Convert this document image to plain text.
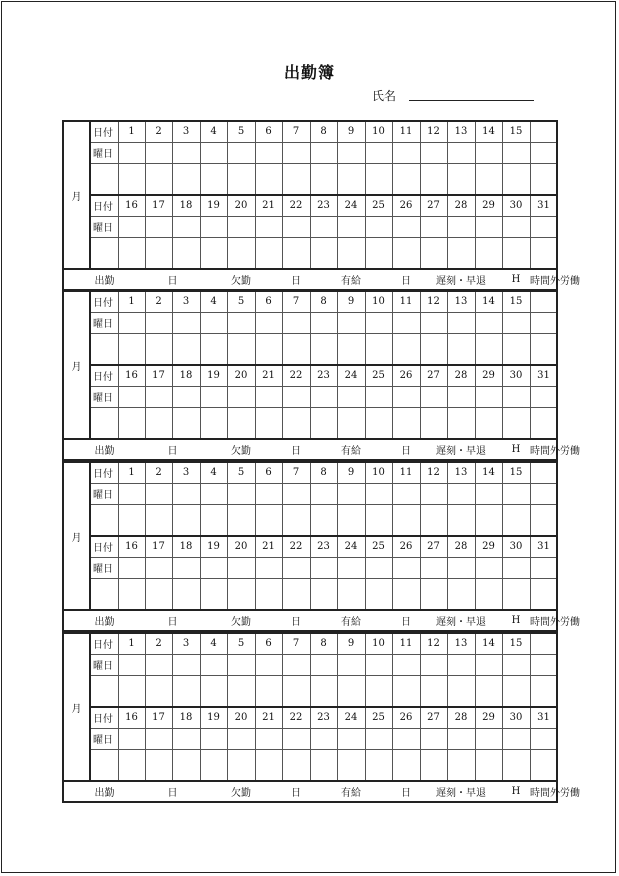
出勤簿
氏名
月	日付	1	2	3	4	5	6	7	8	9	10	11	12	13	14	15		
	曜日																	

	日付	16	17	18	19	20	21	22	23	24	25	26	27	28	29	30	31	
	曜日																	

出勤			日		欠勤			日	有給			日	遅刻・早退			H	時間外労働	
月	日付	1	2	3	4	5	6	7	8	9	10	11	12	13	14	15		
	曜日																	

	日付	16	17	18	19	20	21	22	23	24	25	26	27	28	29	30	31	
	曜日																	

出勤			日		欠勤			日	有給			日	遅刻・早退			H	時間外労働	
月	日付	1	2	3	4	5	6	7	8	9	10	11	12	13	14	15		
	曜日																	

	日付	16	17	18	19	20	21	22	23	24	25	26	27	28	29	30	31	
	曜日																	

出勤			日		欠勤			日	有給			日	遅刻・早退			H	時間外労働	
月	日付	1	2	3	4	5	6	7	8	9	10	11	12	13	14	15		
	曜日																	

	日付	16	17	18	19	20	21	22	23	24	25	26	27	28	29	30	31	
	曜日																	

出勤			日		欠勤			日	有給			日	遅刻・早退			H	時間外労働	
